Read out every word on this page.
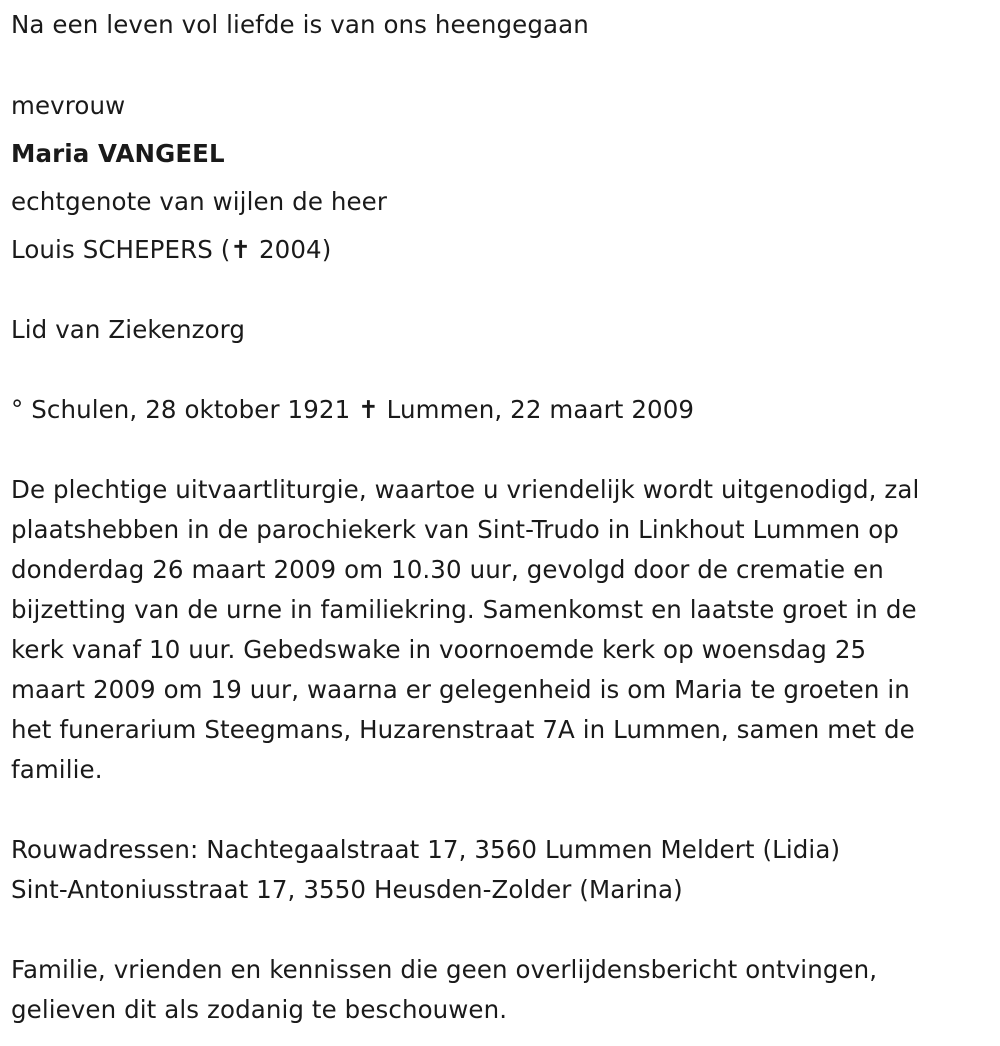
Na een leven vol liefde is van ons heengegaan
mevrouw
Maria VANGEEL
echtgenote van wijlen de heer
Louis SCHEPERS (✝ 2004)
Lid van Ziekenzorg
° Schulen, 28 oktober 1921 ✝ Lummen, 22 maart 2009
De plechtige uitvaartliturgie, waartoe u vriendelijk wordt uitgenodigd, zal
plaatshebben in de parochiekerk van Sint-Trudo in Linkhout Lummen op
donderdag 26 maart 2009 om 10.30 uur, gevolgd door de crematie en
bijzetting van de urne in familiekring. Samenkomst en laatste groet in de
kerk vanaf 10 uur. Gebedswake in voornoemde kerk op woensdag 25
maart 2009 om 19 uur, waarna er gelegenheid is om Maria te groeten in
het funerarium Steegmans, Huzarenstraat 7A in Lummen, samen met de
familie.
Rouwadressen: Nachtegaalstraat 17, 3560 Lummen Meldert (Lidia)
Sint-Antoniusstraat 17, 3550 Heusden-Zolder (Marina)
Familie, vrienden en kennissen die geen overlijdensbericht ontvingen,
gelieven dit als zodanig te beschouwen.
